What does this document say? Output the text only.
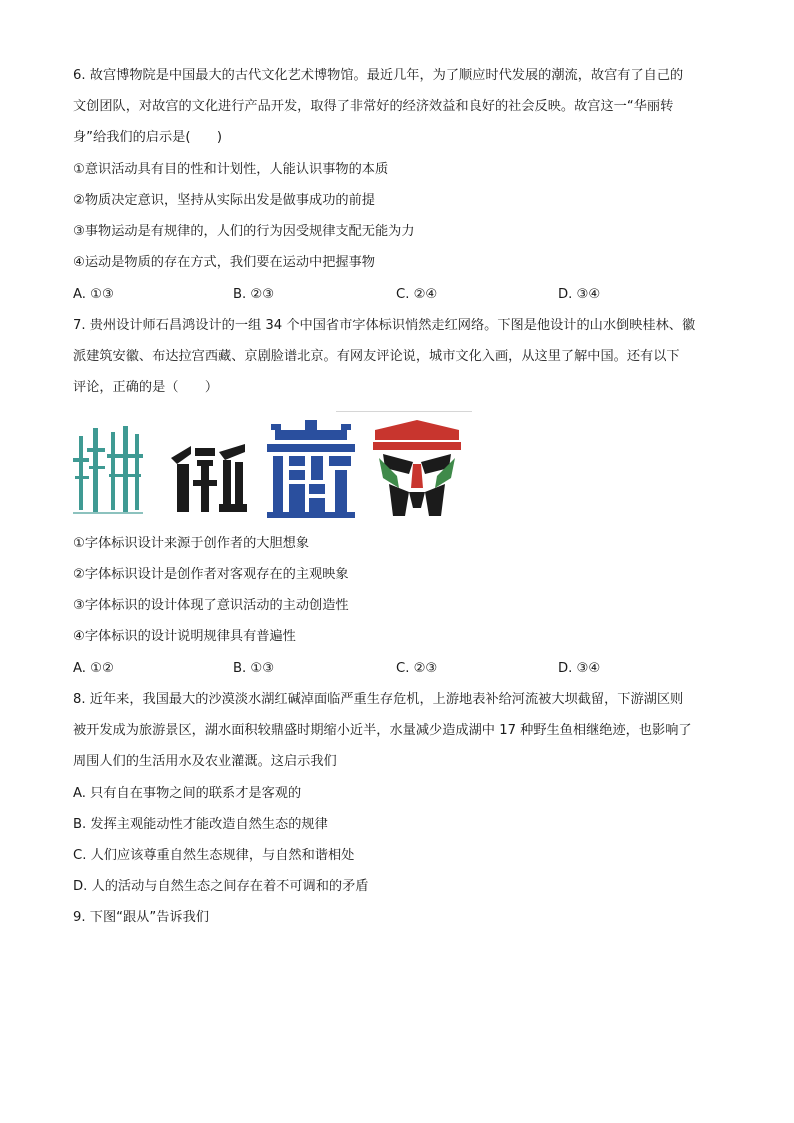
6. 故宫博物院是中国最大的古代文化艺术博物馆。最近几年，为了顺应时代发展的潮流，故宫有了自己的
文创团队，对故宫的文化进行产品开发，取得了非常好的经济效益和良好的社会反映。故宫这一“华丽转
身”给我们的启示是(　　)
①意识活动具有目的性和计划性，人能认识事物的本质
②物质决定意识，坚持从实际出发是做事成功的前提
③事物运动是有规律的，人们的行为因受规律支配无能为力
④运动是物质的存在方式，我们要在运动中把握事物
A. ①③	B. ②③	C. ②④	D. ③④
7. 贵州设计师石昌鸿设计的一组 34 个中国省市字体标识悄然走红网络。下图是他设计的山水倒映桂林、徽
派建筑安徽、布达拉宫西藏、京剧脸谱北京。有网友评论说，城市文化入画，从这里了解中国。还有以下
评论，正确的是（　　）
①字体标识设计来源于创作者的大胆想象
②字体标识设计是创作者对客观存在的主观映象
③字体标识的设计体现了意识活动的主动创造性
④字体标识的设计说明规律具有普遍性
A. ①②	B. ①③	C. ②③	D. ③④
8. 近年来，我国最大的沙漠淡水湖红碱淖面临严重生存危机，上游地表补给河流被大坝截留，下游湖区则
被开发成为旅游景区，湖水面积较鼎盛时期缩小近半，水量减少造成湖中 17 种野生鱼相继绝迹，也影响了
周围人们的生活用水及农业灌溉。这启示我们
A. 只有自在事物之间的联系才是客观的
B. 发挥主观能动性才能改造自然生态的规律
C. 人们应该尊重自然生态规律，与自然和谐相处
D. 人的活动与自然生态之间存在着不可调和的矛盾
9. 下图“跟从”告诉我们
